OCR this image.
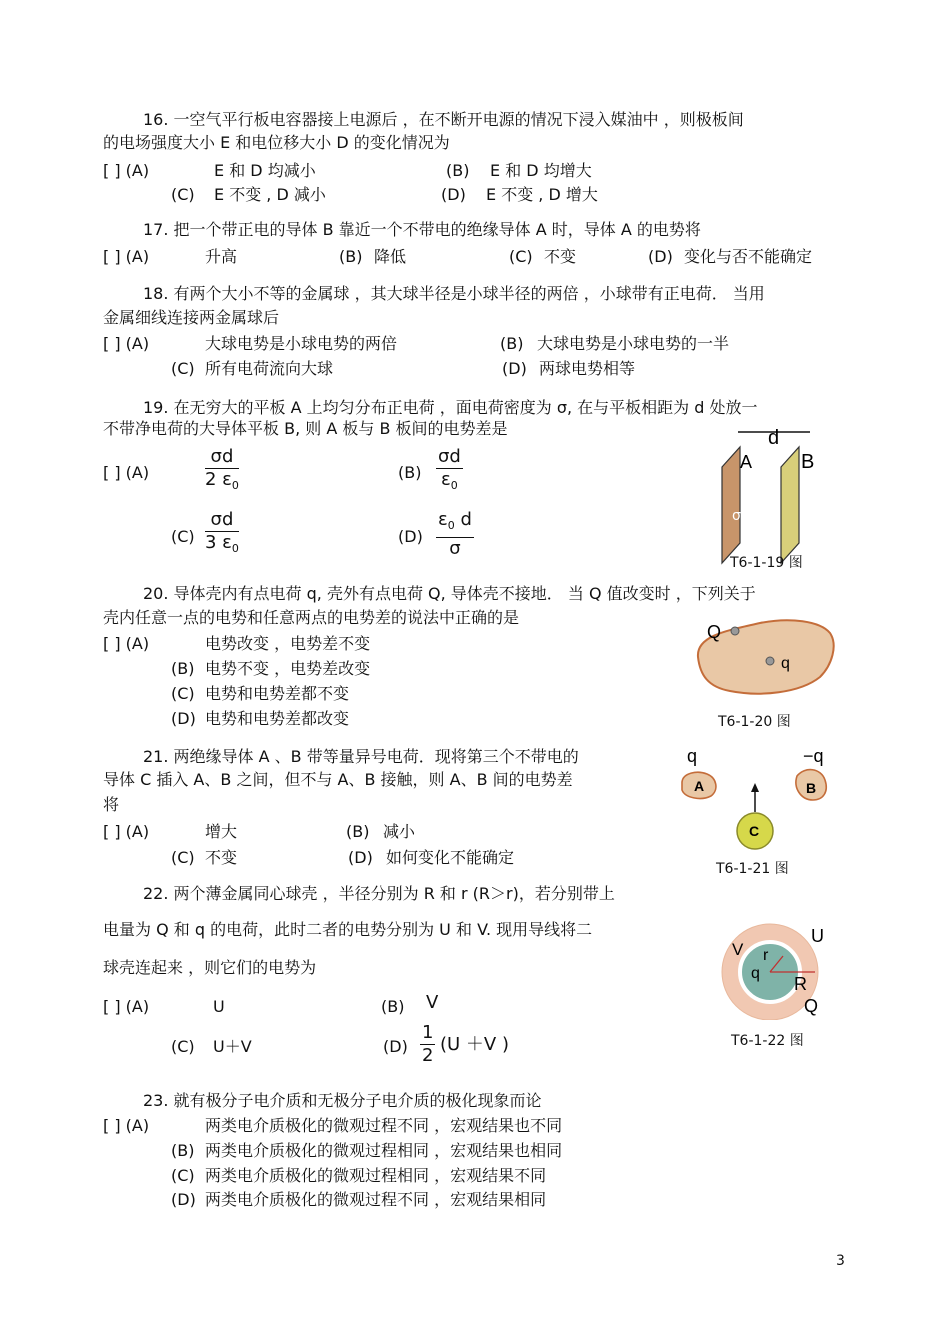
16. 一空气平行板电容器接上电源后 ，在不断开电源的情况下浸入媒油中 ，则极板间
的电场强度大小 E 和电位移大小 D 的变化情况为
[ ] (A)	E 和 D 均减小	(B) E 和 D 均增大
(C) E 不变 , D 减小	(D) E 不变 , D 增大
17. 把一个带正电的导体 B 靠近一个不带电的绝缘导体 A 时，导体 A 的电势将
[ ] (A)	升高	(B) 降低	(C) 不变	(D) 变化与否不能确定
18. 有两个大小不等的金属球 ，其大球半径是小球半径的两倍 ，小球带有正电荷． 当用
金属细线连接两金属球后
[ ] (A)	大球电势是小球电势的两倍	(B) 大球电势是小球电势的一半
(C) 所有电荷流向大球	(D) 两球电势相等
19. 在无穷大的平板 A 上均匀分布正电荷 ，面电荷密度为 σ, 在与平板相距为 d 处放一
不带净电荷的大导体平板 B, 则 A 板与 B 板间的电势差是
[ ] (A)	$\frac{\sigma d}{2 \varepsilon_0}$	$(B) \frac{\sigma d}{\varepsilon_0}$
$(C) \frac{\sigma d}{3 \varepsilon_0}$	$(D) \frac{\varepsilon_0 d}{\sigma}$
A B
d
σ
T6-1-19 图
20. 导体壳内有点电荷 q, 壳外有点电荷 Q, 导体壳不接地． 当 Q 值改变时 ，下列关于
壳内任意一点的电势和任意两点的电势差的说法中正确的是
[ ] (A)	电势改变 ，电势差不变
(B) 电势不变 ，电势差改变
(C) 电势和电势差都不变
(D) 电势和电势差都改变
Q
q
T6-1-20 图
21. 两绝缘导体 A 、B 带等量异号电荷．现将第三个不带电的
导体 C 插入 A、B 之间，但不与 A、B 接触，则 A、B 间的电势差
将
[ ] (A)	增大	(B) 减小
(C) 不变	(D) 如何变化不能确定
q	−q
A	B
C
T6-1-21 图
22. 两个薄金属同心球壳 ，半径分别为 R 和 r (R＞r)，若分别带上
电量为 Q 和 q 的电荷，此时二者的电势分别为 U 和 V. 现用导线将二
球壳连起来 ，则它们的电势为
[ ] (A)	U	(B) V
(C) U＋V	$(D) \frac{1}{2} (U +V$ )
U
V r
q
R
Q
T6-1-22 图
23. 就有极分子电介质和无极分子电介质的极化现象而论
[ ] (A)	两类电介质极化的微观过程不同 ，宏观结果也不同
(B) 两类电介质极化的微观过程相同 ，宏观结果也相同
(C) 两类电介质极化的微观过程相同 ，宏观结果不同
(D) 两类电介质极化的微观过程不同 ，宏观结果相同
3
